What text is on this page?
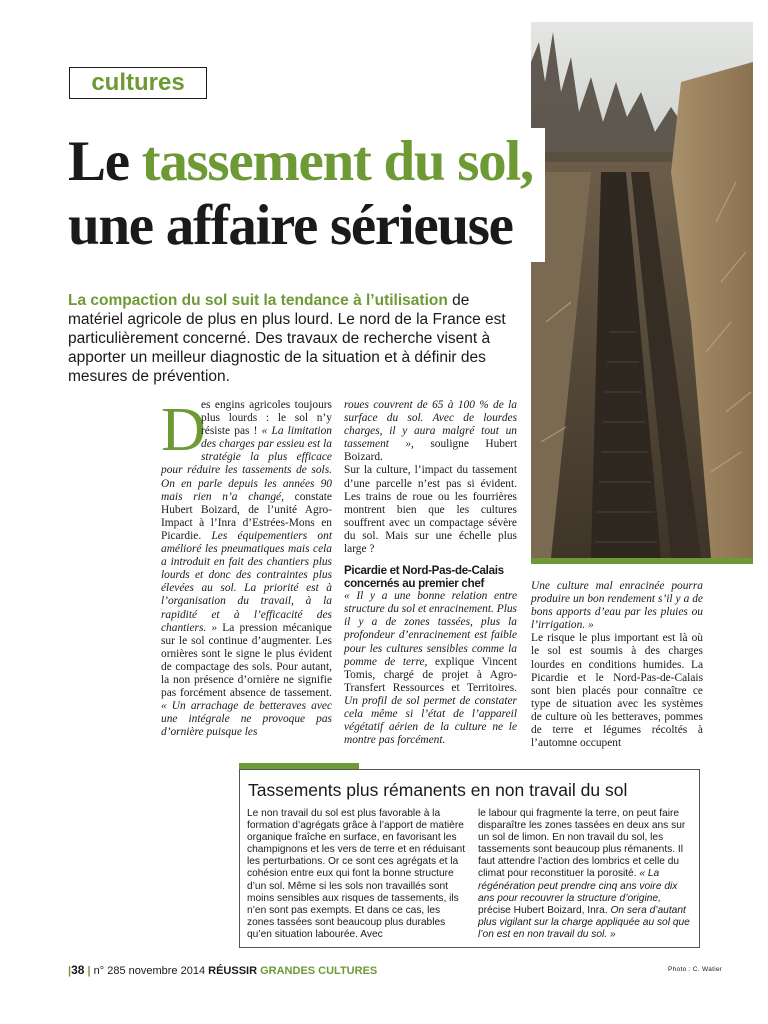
cultures
Le tassement du sol,
une affaire sérieuse
La compaction du sol suit la tendance à l’utilisation de matériel agricole de plus en plus lourd. Le nord de la France est particulièrement concerné. Des travaux de recherche visent à apporter un meilleur diagnostic de la situation et à définir des mesures de prévention.
D
es engins agricoles toujours plus lourds : le sol n’y résiste pas ! « La limitation des charges par essieu est la stratégie la plus efficace pour réduire les tassements de sols. On en parle depuis les années 90 mais rien n’a changé, constate Hubert Boizard, de l’unité Agro-Impact à l’Inra d’Estrées-Mons en Picardie. Les équipementiers ont amélioré les pneumatiques mais cela a introduit en fait des chantiers plus lourds et donc des contraintes plus élevées au sol. La priorité est à l’organisation du travail, à la rapidité et à l’efficacité des chantiers. » La pression mécanique sur le sol continue d’augmenter. Les ornières sont le signe le plus évident de compactage des sols. Pour autant, la non présence d’ornière ne signifie pas forcément absence de tassement. « Un arrachage de betteraves avec une intégrale ne provoque pas d’ornière puisque les

roues couvrent de 65 à 100 % de la surface du sol. Avec de lourdes charges, il y aura malgré tout un tassement », souligne Hubert Boizard.

Sur la culture, l’impact du tassement d’une parcelle n’est pas si évident. Les trains de roue ou les fourrières montrent bien que les cultures souffrent avec un compactage sévère du sol. Mais sur une échelle plus large ?

Picardie et Nord-Pas-de-Calais concernés au premier chef

« Il y a une bonne relation entre structure du sol et enracinement. Plus il y a de zones tassées, plus la profondeur d’enracinement est faible pour les cultures sensibles comme la pomme de terre, explique Vincent Tomis, chargé de projet à Agro-Transfert Ressources et Territoires. Un profil de sol permet de constater cela même si l’état de l’appareil végétatif aérien de la culture ne le montre pas forcément.

Une culture mal enracinée pourra produire un bon rendement s’il y a de bons apports d’eau par les pluies ou l’irrigation. »

Le risque le plus important est là où le sol est soumis à des charges lourdes en conditions humides. La Picardie et le Nord-Pas-de-Calais sont bien placés pour connaître ce type de situation avec les systèmes de culture où les betteraves, pommes de terre et légumes récoltés à l’automne occupent

Tassements plus rémanents en non travail du sol
Le non travail du sol est plus favorable à la formation d’agrégats grâce à l’apport de matière organique fraîche en surface, en favorisant les champignons et les vers de terre et en réduisant les perturbations. Or ce sont ces agrégats et la cohésion entre eux qui font la bonne structure d’un sol. Même si les sols non travaillés sont moins sensibles aux risques de tassements, ils n’en sont pas exempts. Et dans ce cas, les zones tassées sont beaucoup plus durables qu’en situation labourée. Avec
le labour qui fragmente la terre, on peut faire disparaître les zones tassées en deux ans sur un sol de limon. En non travail du sol, les tassements sont beaucoup plus rémanents. Il faut attendre l’action des lombrics et celle du climat pour reconstituer la porosité. « La régénération peut prendre cinq ans voire dix ans pour recouvrer la structure d’origine, précise Hubert Boizard, Inra. On sera d’autant plus vigilant sur la charge appliquée au sol que l’on est en non travail du sol. »
|38 | n° 285 novembre 2014 RÉUSSIR GRANDES CULTURES	Photo : C. Watier
